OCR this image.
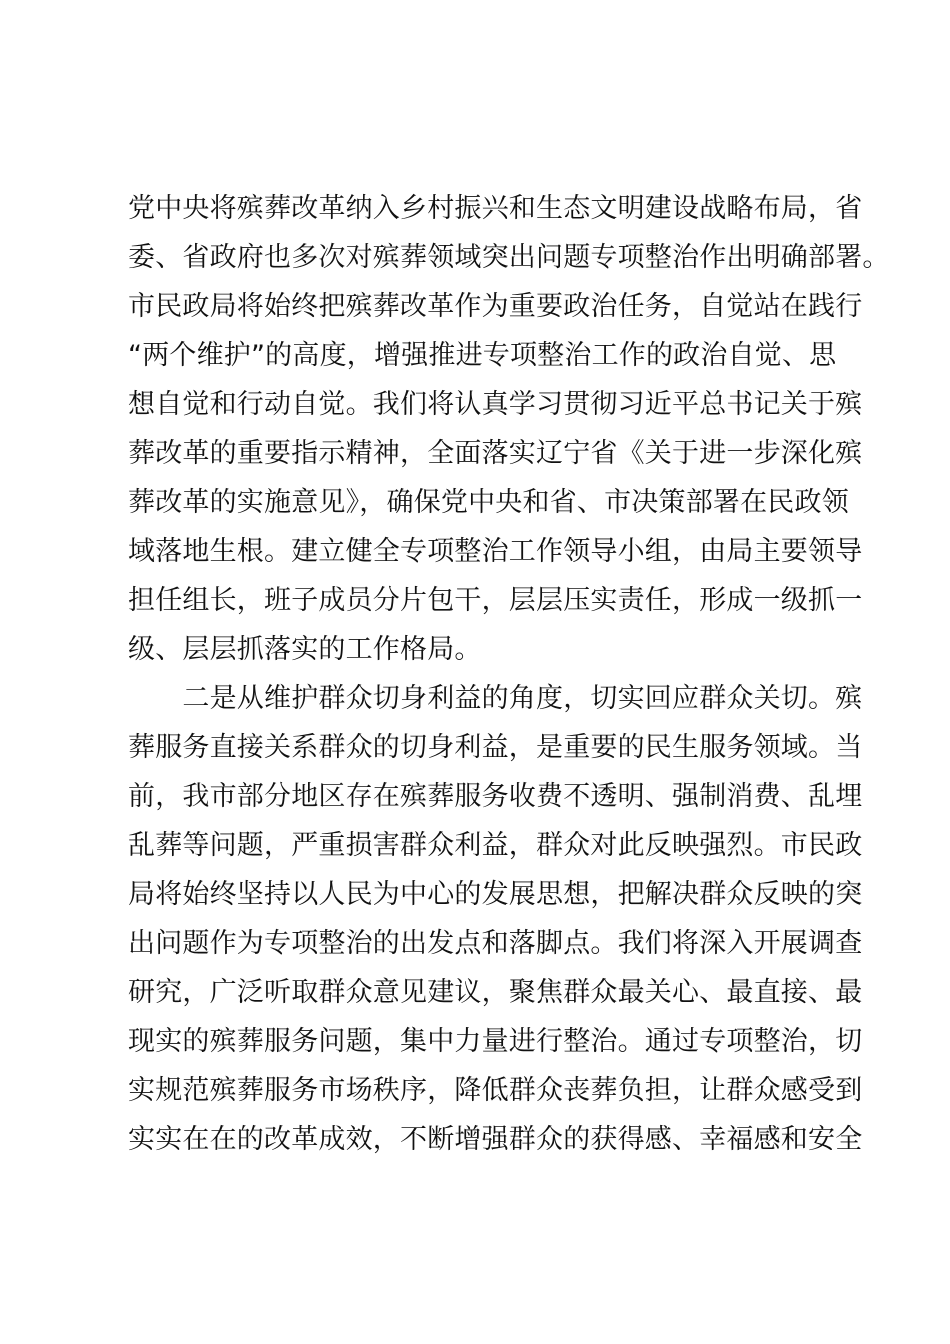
党中央将殡葬改革纳入乡村振兴和生态文明建设战略布局，省
委、省政府也多次对殡葬领域突出问题专项整治作出明确部署。
市民政局将始终把殡葬改革作为重要政治任务，自觉站在践行
“两个维护”的高度，增强推进专项整治工作的政治自觉、思
想自觉和行动自觉。我们将认真学习贯彻习近平总书记关于殡
葬改革的重要指示精神，全面落实辽宁省《关于进一步深化殡
葬改革的实施意见》，确保党中央和省、市决策部署在民政领
域落地生根。建立健全专项整治工作领导小组，由局主要领导
担任组长，班子成员分片包干，层层压实责任，形成一级抓一
级、层层抓落实的工作格局。
　　二是从维护群众切身利益的角度，切实回应群众关切。殡
葬服务直接关系群众的切身利益，是重要的民生服务领域。当
前，我市部分地区存在殡葬服务收费不透明、强制消费、乱埋
乱葬等问题，严重损害群众利益，群众对此反映强烈。市民政
局将始终坚持以人民为中心的发展思想，把解决群众反映的突
出问题作为专项整治的出发点和落脚点。我们将深入开展调查
研究，广泛听取群众意见建议，聚焦群众最关心、最直接、最
现实的殡葬服务问题，集中力量进行整治。通过专项整治，切
实规范殡葬服务市场秩序，降低群众丧葬负担，让群众感受到
实实在在的改革成效，不断增强群众的获得感、幸福感和安全
